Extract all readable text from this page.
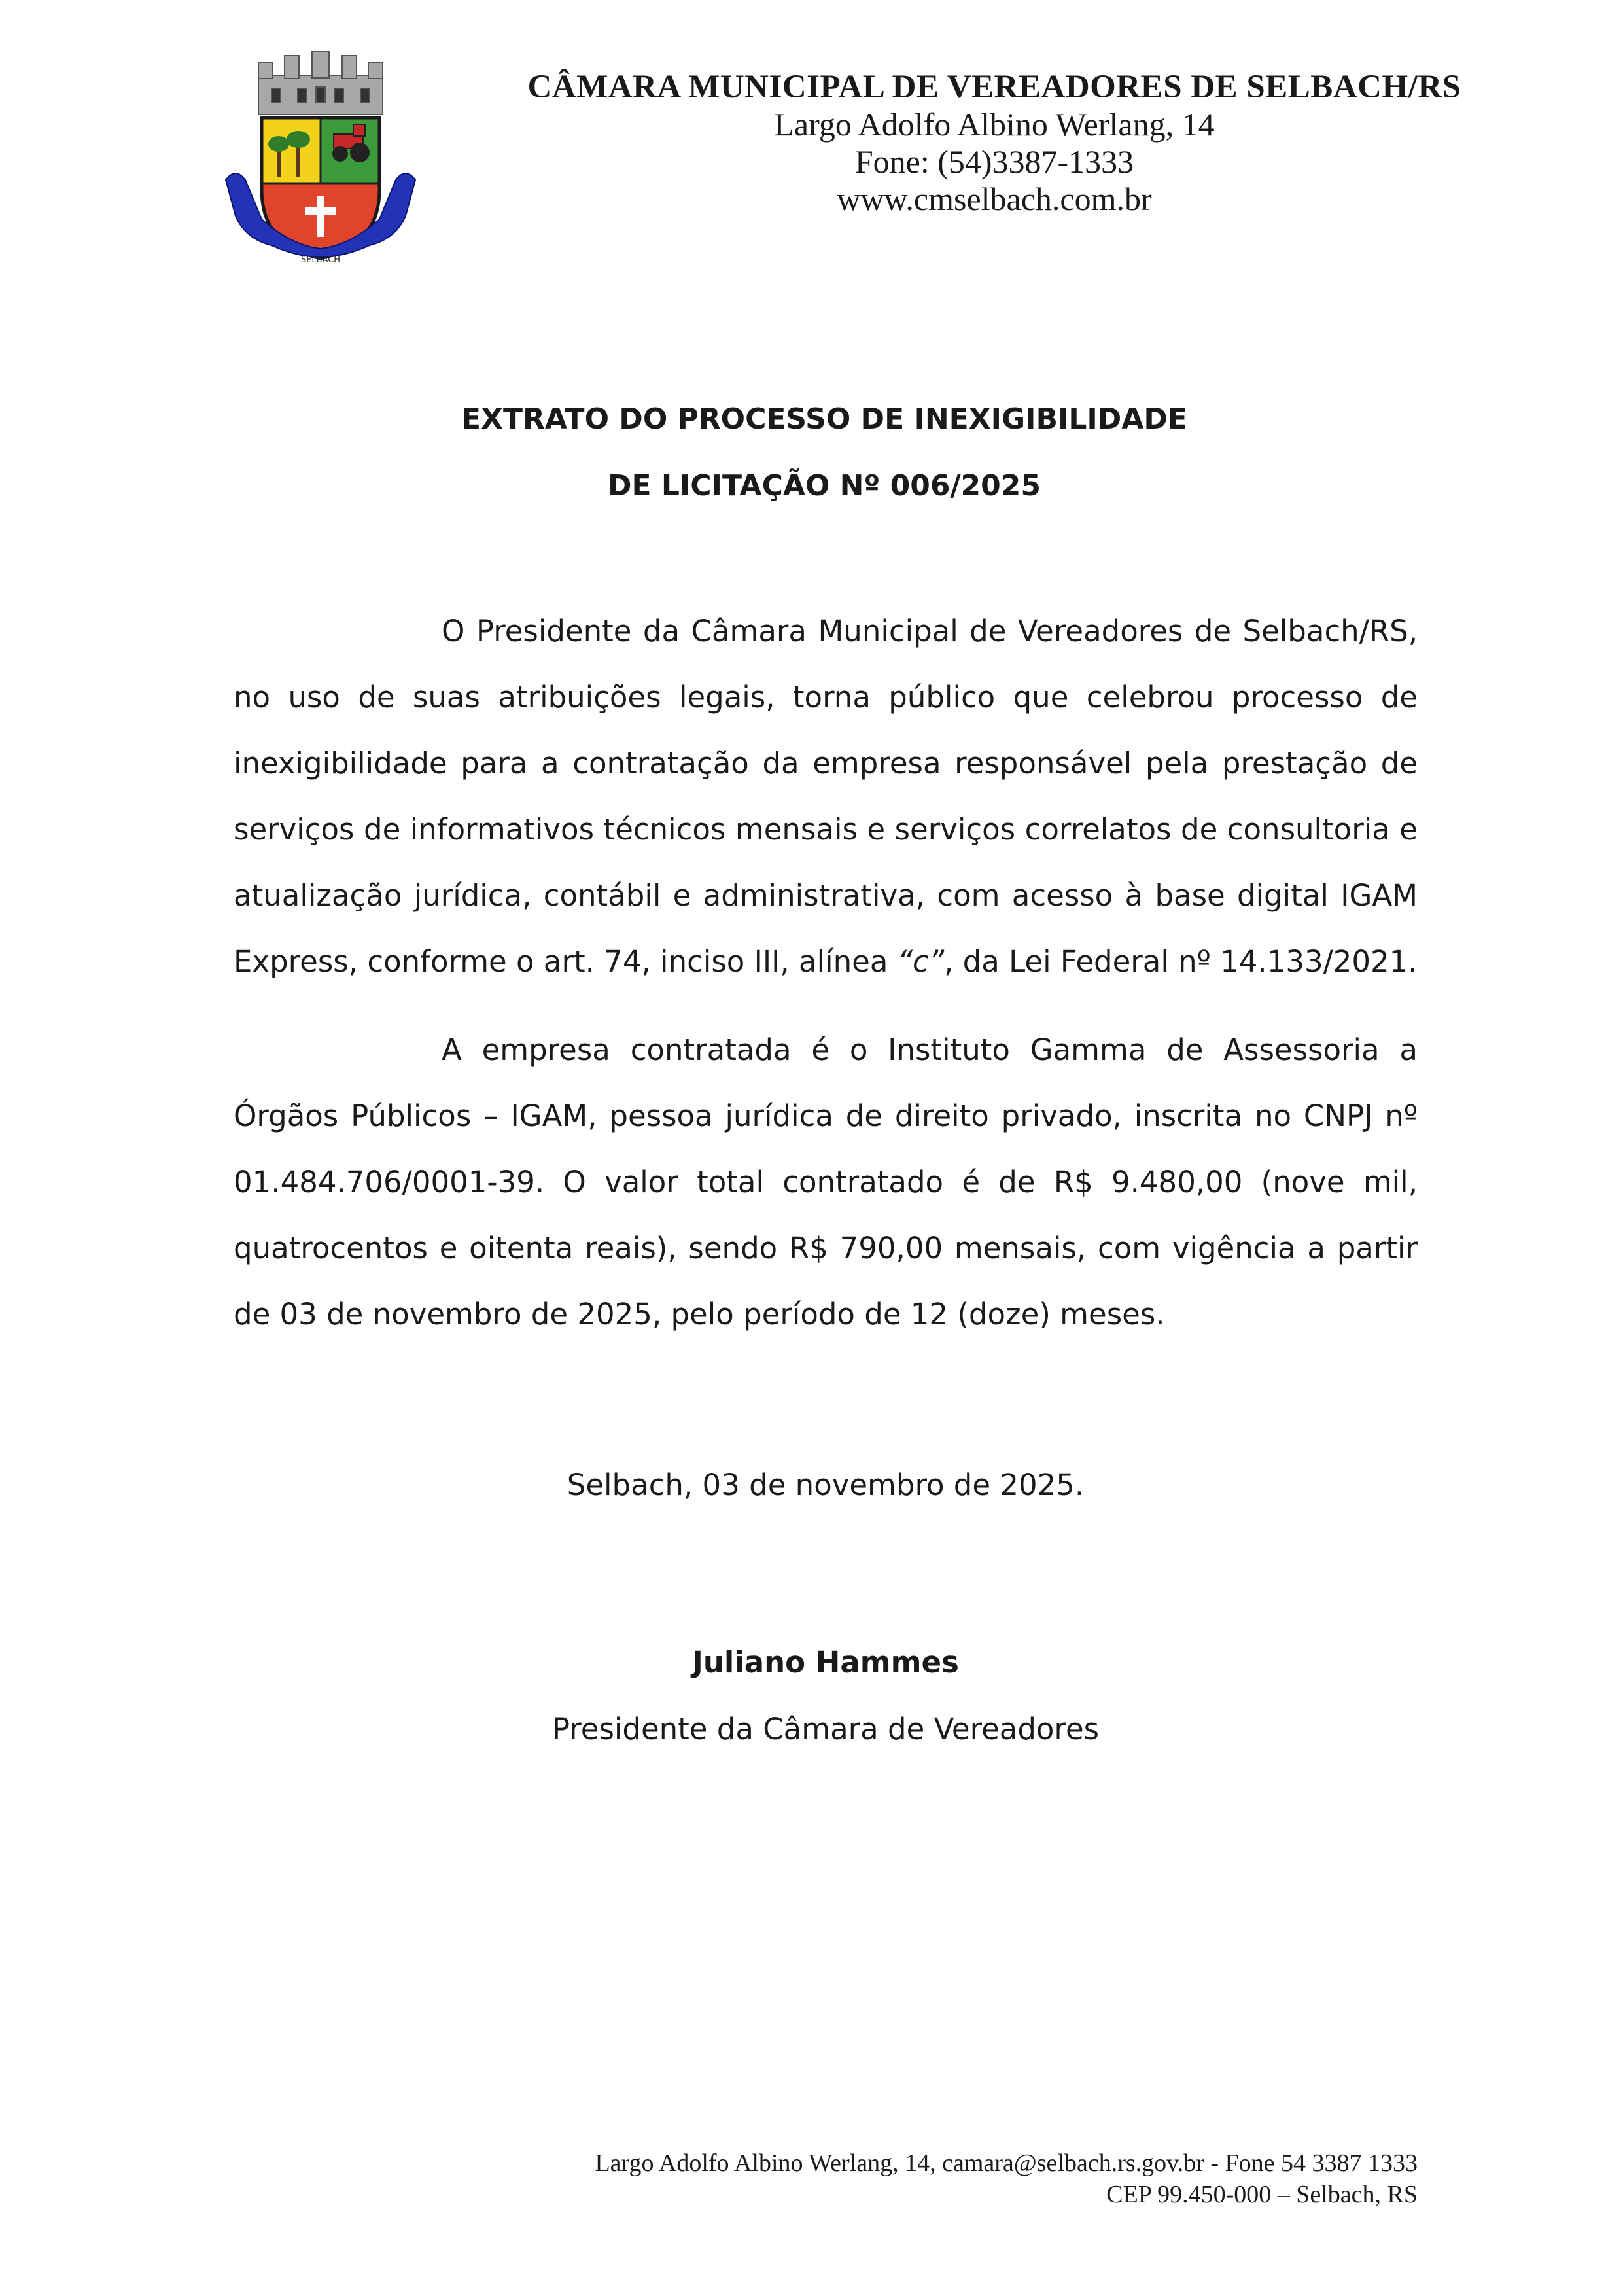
SELBACH
CÂMARA MUNICIPAL DE VEREADORES DE SELBACH/RS
Largo Adolfo Albino Werlang, 14
Fone: (54)3387-1333
www.cmselbach.com.br
EXTRATO DO PROCESSO DE INEXIGIBILIDADE
DE LICITAÇÃO Nº 006/2025

O Presidente da Câmara Municipal de Vereadores de Selbach/RS, no uso de suas atribuições legais, torna público que celebrou processo de inexigibilidade para a contratação da empresa responsável pela prestação de serviços de informativos técnicos mensais e serviços correlatos de consultoria e atualização jurídica, contábil e administrativa, com acesso à base digital IGAM Express, conforme o art. 74, inciso III, alínea “c”, da Lei Federal nº 14.133/2021.

A empresa contratada é o Instituto Gamma de Assessoria a Órgãos Públicos – IGAM, pessoa jurídica de direito privado, inscrita no CNPJ nº 01.484.706/0001-39. O valor total contratado é de R$ 9.480,00 (nove mil, quatrocentos e oitenta reais), sendo R$ 790,00 mensais, com vigência a partir de 03 de novembro de 2025, pelo período de 12 (doze) meses.

Selbach, 03 de novembro de 2025.
Juliano Hammes
Presidente da Câmara de Vereadores
Largo Adolfo Albino Werlang, 14, camara@selbach.rs.gov.br - Fone 54 3387 1333
CEP 99.450-000 – Selbach, RS
